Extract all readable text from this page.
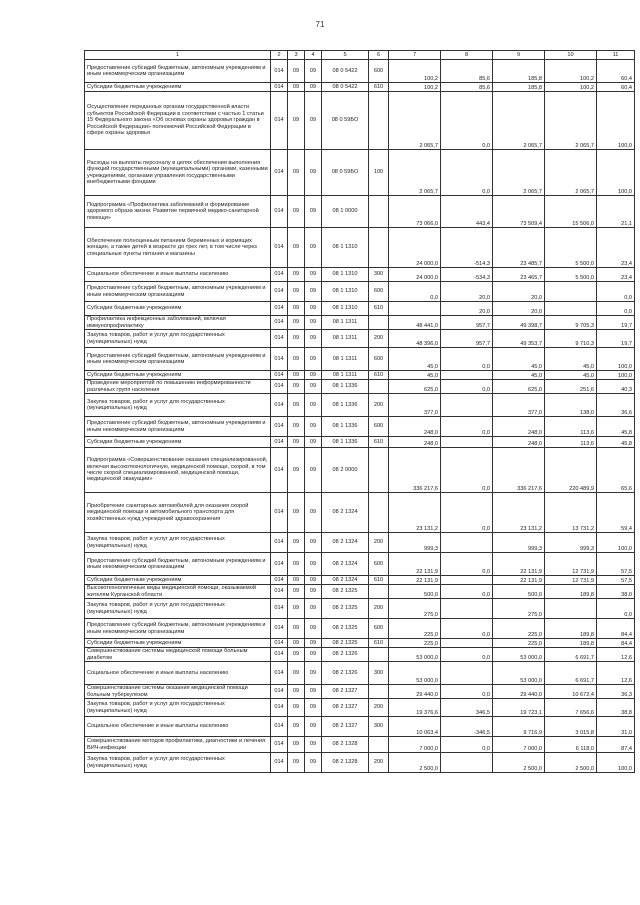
71
1	2	3	4	5	6	7	8	9	10	11
Предоставление субсидий бюджетным, автономным учреждениям и иным некоммерческим организациям	014	09	09	08 0 5422	600	100,2	85,6	185,8	100,2	60,4
Субсидии бюджетным учреждениям	014	09	09	08 0 5422	610	100,2	85,6	185,8	100,2	60,4
Осуществление переданных органам государственной власти субъектов Российской Федерации в соответствии с частью 1 статьи 15 Федерального закона «Об основах охраны здоровья граждан в Российской Федерации» полномочий Российской Федерации в сфере охраны здоровья	014	09	09	08 0 59БО		2 065,7	0,0	2 065,7	2 065,7	100,0
Расходы на выплаты персоналу в целях обеспечения выполнения функций государственными (муниципальными) органами, казенными учреждениями, органами управления государственными внебюджетными фондами	014	09	09	08 0 59БО	100	2 065,7	0,0	2 065,7	2 065,7	100,0
Подпрограмма «Профилактика заболеваний и формирование здорового образа жизни. Развитие первичной медико-санитарной помощи»	014	09	09	08 1 0000		73 066,0	443,4	73 509,4	15 506,0	21,1
Обеспечение полноценным питанием беременных и кормящих женщин, а также детей в возрасте до трех лет, в том числе через специальные пункты питания и магазины	014	09	09	08 1 1310		24 000,0	-514,3	23 485,7	5 500,0	23,4
Социальное обеспечение и иные выплаты населению	014	09	09	08 1 1310	300	24 000,0	-534,3	23 465,7	5 500,0	23,4
Предоставление субсидий бюджетным, автономным учреждениям и иным некоммерческим организациям	014	09	09	08 1 1310	600	0,0	20,0	20,0		0,0
Субсидии бюджетным учреждениям	014	09	09	08 1 1310	610		20,0	20,0		0,0
Профилактика инфекционных заболеваний, включая иммунопрофилактику	014	09	09	08 1 1311		48 441,0	957,7	49 398,7	9 705,3	19,7
Закупка товаров, работ и услуг для государственных (муниципальных) нужд	014	09	09	08 1 1311	200	48 396,0	957,7	49 353,7	9 710,3	19,7
Предоставление субсидий бюджетным, автономным учреждениям и иным некоммерческим организациям	014	09	09	08 1 1311	600	45,0	0,0	45,0	45,0	100,0
Субсидии бюджетным учреждениям	014	09	09	08 1 1311	610	45,0		45,0	45,0	100,0
Проведение мероприятий по повышению информированности различных групп населения	014	09	09	08 1 1336		625,0	0,0	625,0	251,6	40,3
Закупка товаров, работ и услуг для государственных (муниципальных) нужд	014	09	09	08 1 1336	200	377,0		377,0	138,0	36,6
Предоставление субсидий бюджетным, автономным учреждениям и иным некоммерческим организациям	014	09	09	08 1 1336	600	248,0	0,0	248,0	113,6	45,8
Субсидии бюджетным учреждениям	014	09	09	08 1 1336	610	248,0		248,0	113,6	45,8
Подпрограмма «Совершенствование оказания специализированной, включая высокотехнологичную, медицинской помощи, скорой, в том числе скорой специализированной, медицинской помощи, медицинской эвакуации»	014	09	09	08 2 0000		336 217,6	0,0	336 217,6	220 489,9	65,6
Приобретение санитарных автомобилей для оказания скорой медицинской помощи и автомобильного транспорта для хозяйственных нужд учреждений здравоохранения	014	09	09	08 2 1324		23 131,2	0,0	23 131,2	13 731,2	59,4
Закупка товаров, работ и услуг для государственных (муниципальных) нужд	014	09	09	08 2 1324	200	999,3		999,3	999,3	100,0
Предоставление субсидий бюджетным, автономным учреждениям и иным некоммерческим организациям	014	09	09	08 2 1324	600	22 131,9	0,0	22 131,9	12 731,9	57,5
Субсидии бюджетным учреждениям	014	09	09	08 2 1324	610	22 131,9		22 131,9	12 731,9	57,5
Высокотехнологичные виды медицинской помощи, оказываемой жителям Курганской области	014	09	09	08 2 1325		500,0	0,0	500,0	189,8	38,0
Закупка товаров, работ и услуг для государственных (муниципальных) нужд	014	09	09	08 2 1325	200	275,0		275,0		0,0
Предоставление субсидий бюджетным, автономным учреждениям и иным некоммерческим организациям	014	09	09	08 2 1325	600	225,0	0,0	225,0	189,8	84,4
Субсидии бюджетным учреждениям	014	09	09	08 2 1325	610	225,0		225,0	189,8	84,4
Совершенствование системы медицинской помощи больным диабетом	014	09	09	08 2 1326		53 000,0	0,0	53 000,0	6 691,7	12,6
Социальное обеспечение и иные выплаты населению	014	09	09	08 2 1326	300	53 000,0		53 000,0	6 691,7	12,6
Совершенствование системы оказания медицинской помощи больным туберкулезом	014	09	09	08 2 1327		29 440,0	0,0	29 440,0	10 672,4	36,3
Закупка товаров, работ и услуг для государственных (муниципальных) нужд	014	09	09	08 2 1327	200	19 376,6	346,5	19 723,1	7 656,6	38,8
Социальное обеспечение и иные выплаты населению	014	09	09	08 2 1327	300	10 063,4	-346,5	9 716,9	3 015,8	31,0
Совершенствование методов профилактики, диагностики и лечения ВИЧ-инфекции	014	09	09	08 2 1328		7 000,0	0,0	7 000,0	6 118,0	87,4
Закупка товаров, работ и услуг для государственных (муниципальных) нужд	014	09	09	08 2 1328	200	2 500,0		2 500,0	2 500,0	100,0
